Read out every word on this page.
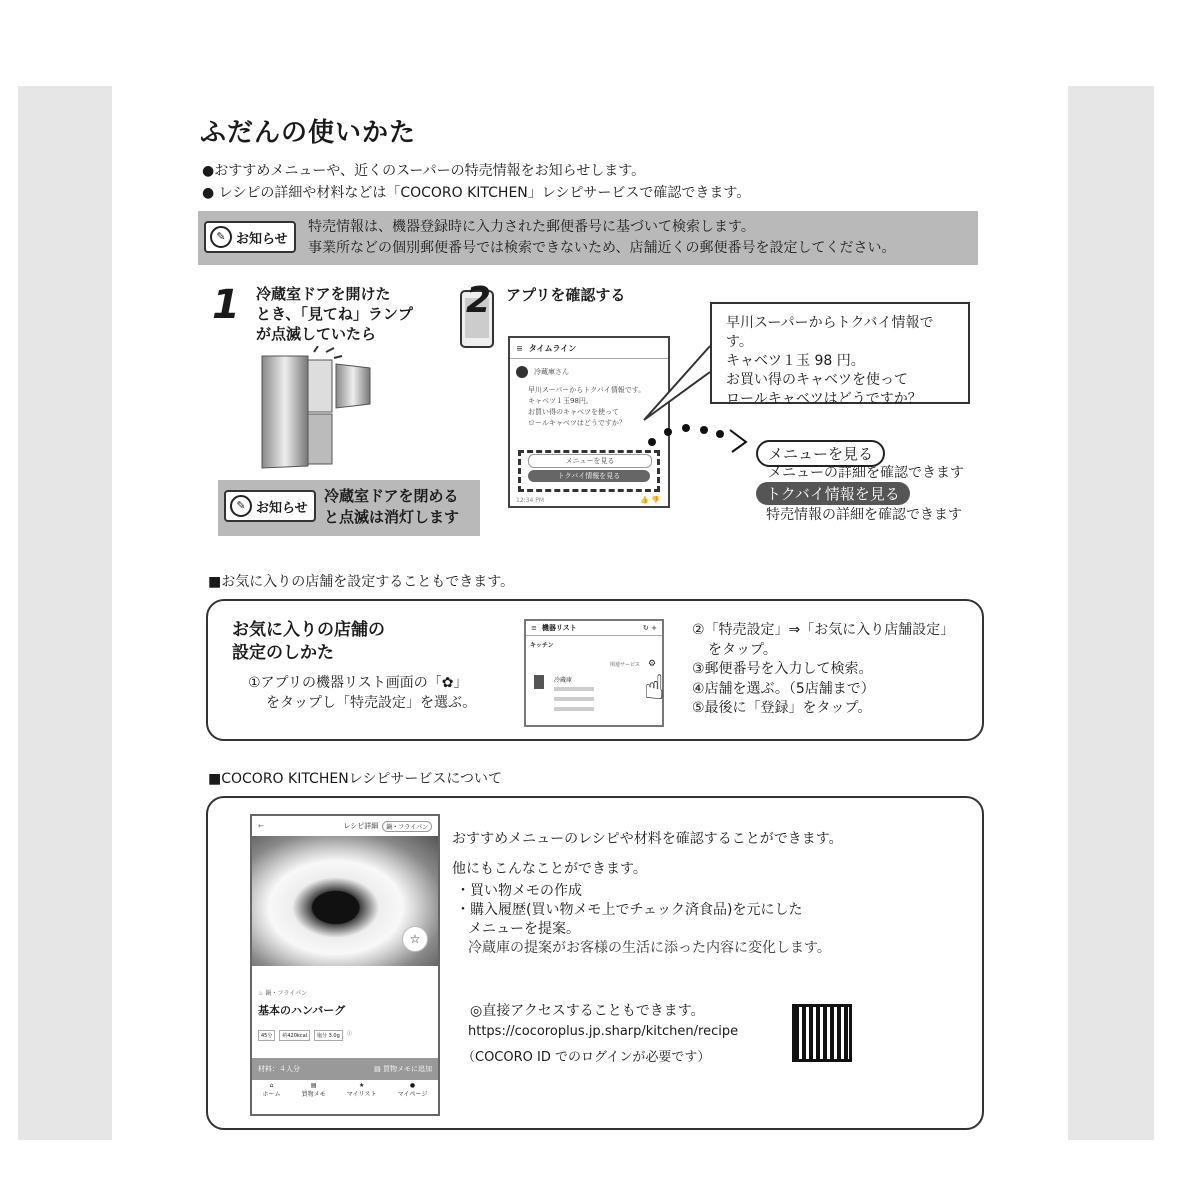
ふだんの使いかた
●おすすめメニューや、近くのスーパーの特売情報をお知らせします。
● レシピの詳細や材料などは「COCORO KITCHEN」レシピサービスで確認できます。
✎ お知らせ
特売情報は、機器登録時に入力された郵便番号に基づいて検索します。
事業所などの個別郵便番号では検索できないため、店舗近くの郵便番号を設定してください。
1 冷蔵室ドアを開けた
とき、「見てね」ランプ
が点滅していたら
✎ お知らせ
冷蔵室ドアを閉める
と点滅は消灯します
2 アプリを確認する
≡ タイムライン
冷蔵庫さん
早川スーパーからトクバイ情報です。
キャベツ１玉98円。
お買い得のキャベツを使って
ロールキャベツはどうですか？
メニューを見る
トクバイ情報を見る
12:34 PM	👍 👎
早川スーパーからトクバイ情報です。
キャベツ１玉 98 円。
お買い得のキャベツを使って
ロールキャベツはどうですか？
メニューを見る
メニューの詳細を確認できます
トクバイ情報を見る
特売情報の詳細を確認できます
■お気に入りの店舗を設定することもできます。
お気に入りの店舗の
設定のしかた
①アプリの機器リスト画面の「✿」
をタップし「特売設定」を選ぶ。
≡ 機器リスト	↻ +
キッチン
関連サービス
冷蔵庫
⚙
☝
②「特売設定」⇒「お気に入り店舗設定」
をタップ。
③郵便番号を入力して検索。
④店舗を選ぶ。（5店舗まで）
⑤最後に「登録」をタップ。
■COCORO KITCHENレシピサービスについて
←	レシピ詳細	鍋・フライパン
☆
♨ 鍋・フライパン
基本のハンバーグ
45分	約420kcal	塩分 3.0g	ⓘ
材料：４人分	▤ 買物メモに追加
⌂
ホーム
▤
買物メモ
★
マイリスト
●
マイページ
おすすめメニューのレシピや材料を確認することができます。
他にもこんなことができます。
・買い物メモの作成
・購入履歴(買い物メモ上でチェック済食品)を元にした
メニューを提案。
冷蔵庫の提案がお客様の生活に添った内容に変化します。
◎直接アクセスすることもできます。
https://cocoroplus.jp.sharp/kitchen/recipe
（COCORO ID でのログインが必要です）
